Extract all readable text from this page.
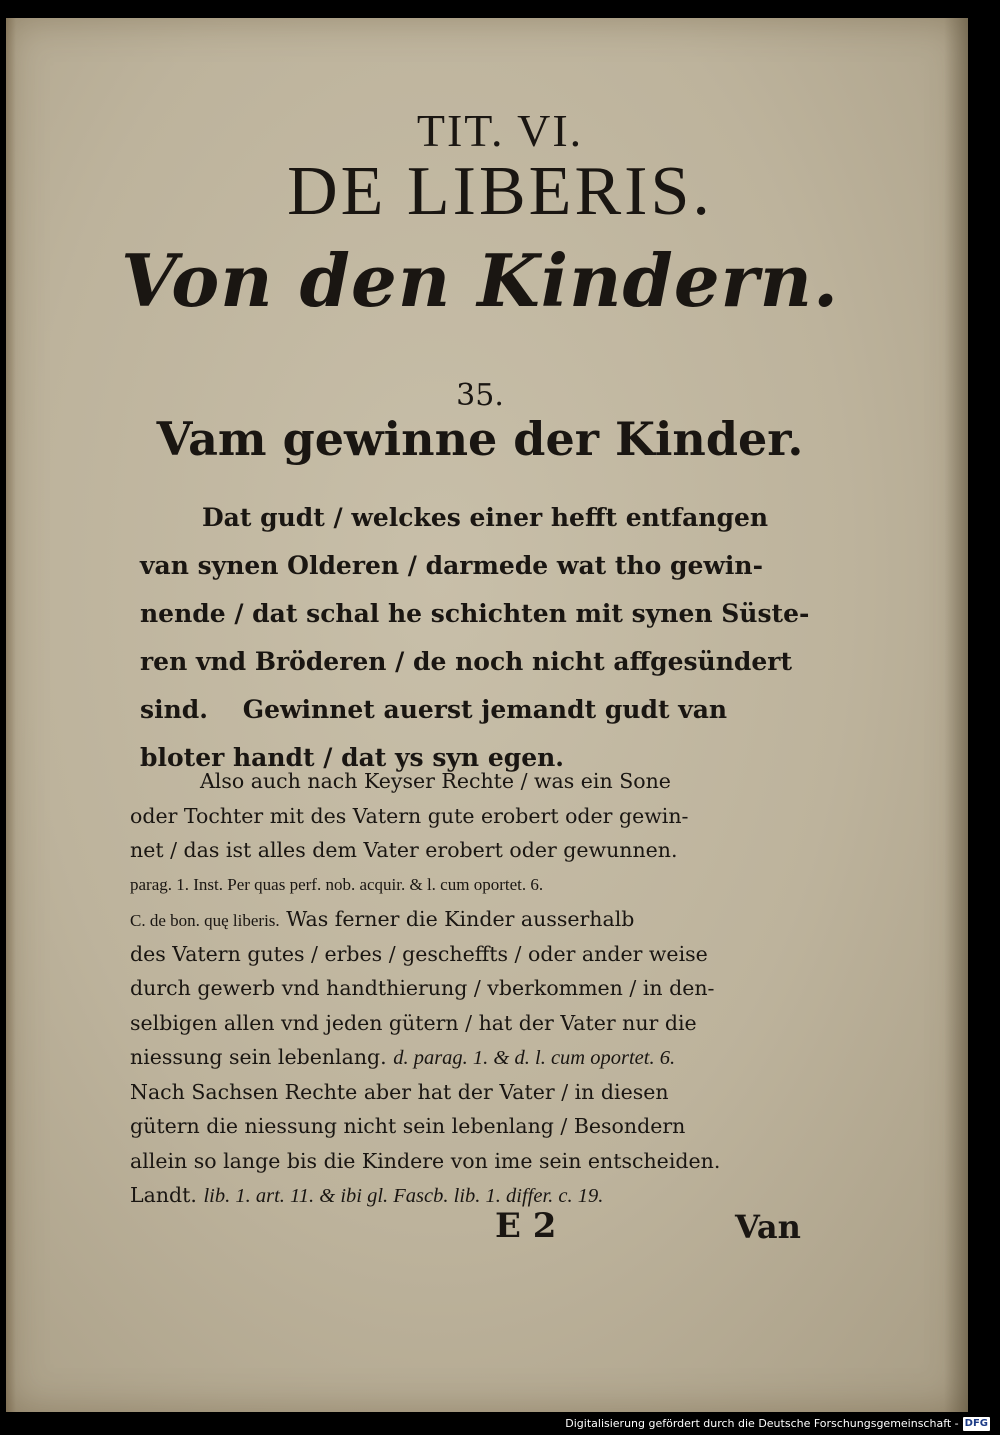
TIT. VI.
DE LIBERIS.
Von den Kindern.
35.
Vam gewinne der Kinder.
Dat gudt / welckes einer hefft entfangen
van synen Olderen / darmede wat tho gewin-
nende / dat schal he schichten mit synen Süste-
ren vnd Bröderen / de noch nicht affgesündert
sind.    Gewinnet auerst jemandt gudt van
bloter handt / dat ys syn egen.
Also auch nach Keyser Rechte / was ein Sone
oder Tochter mit des Vatern gute erobert oder gewin-
net / das ist alles dem Vater erobert oder gewunnen.
parag. 1. Inst. Per quas perf. nob. acquir. & l. cum oportet. 6.
C. de bon. quę liberis. Was ferner die Kinder ausserhalb
des Vatern gutes / erbes / gescheffts / oder ander weise
durch gewerb vnd handthierung / vberkommen / in den-
selbigen allen vnd jeden gütern / hat der Vater nur die
niessung sein lebenlang. d. parag. 1. & d. l. cum oportet. 6.
Nach Sachsen Rechte aber hat der Vater / in diesen
gütern die niessung nicht sein lebenlang / Besondern
allein so lange bis die Kindere von ime sein entscheiden.
Landt. lib. 1. art. 11. & ibi gl. Fascb. lib. 1. differ. c. 19.
E 2	Van
Digitalisierung gefördert durch die Deutsche Forschungsgemeinschaft - DFG
